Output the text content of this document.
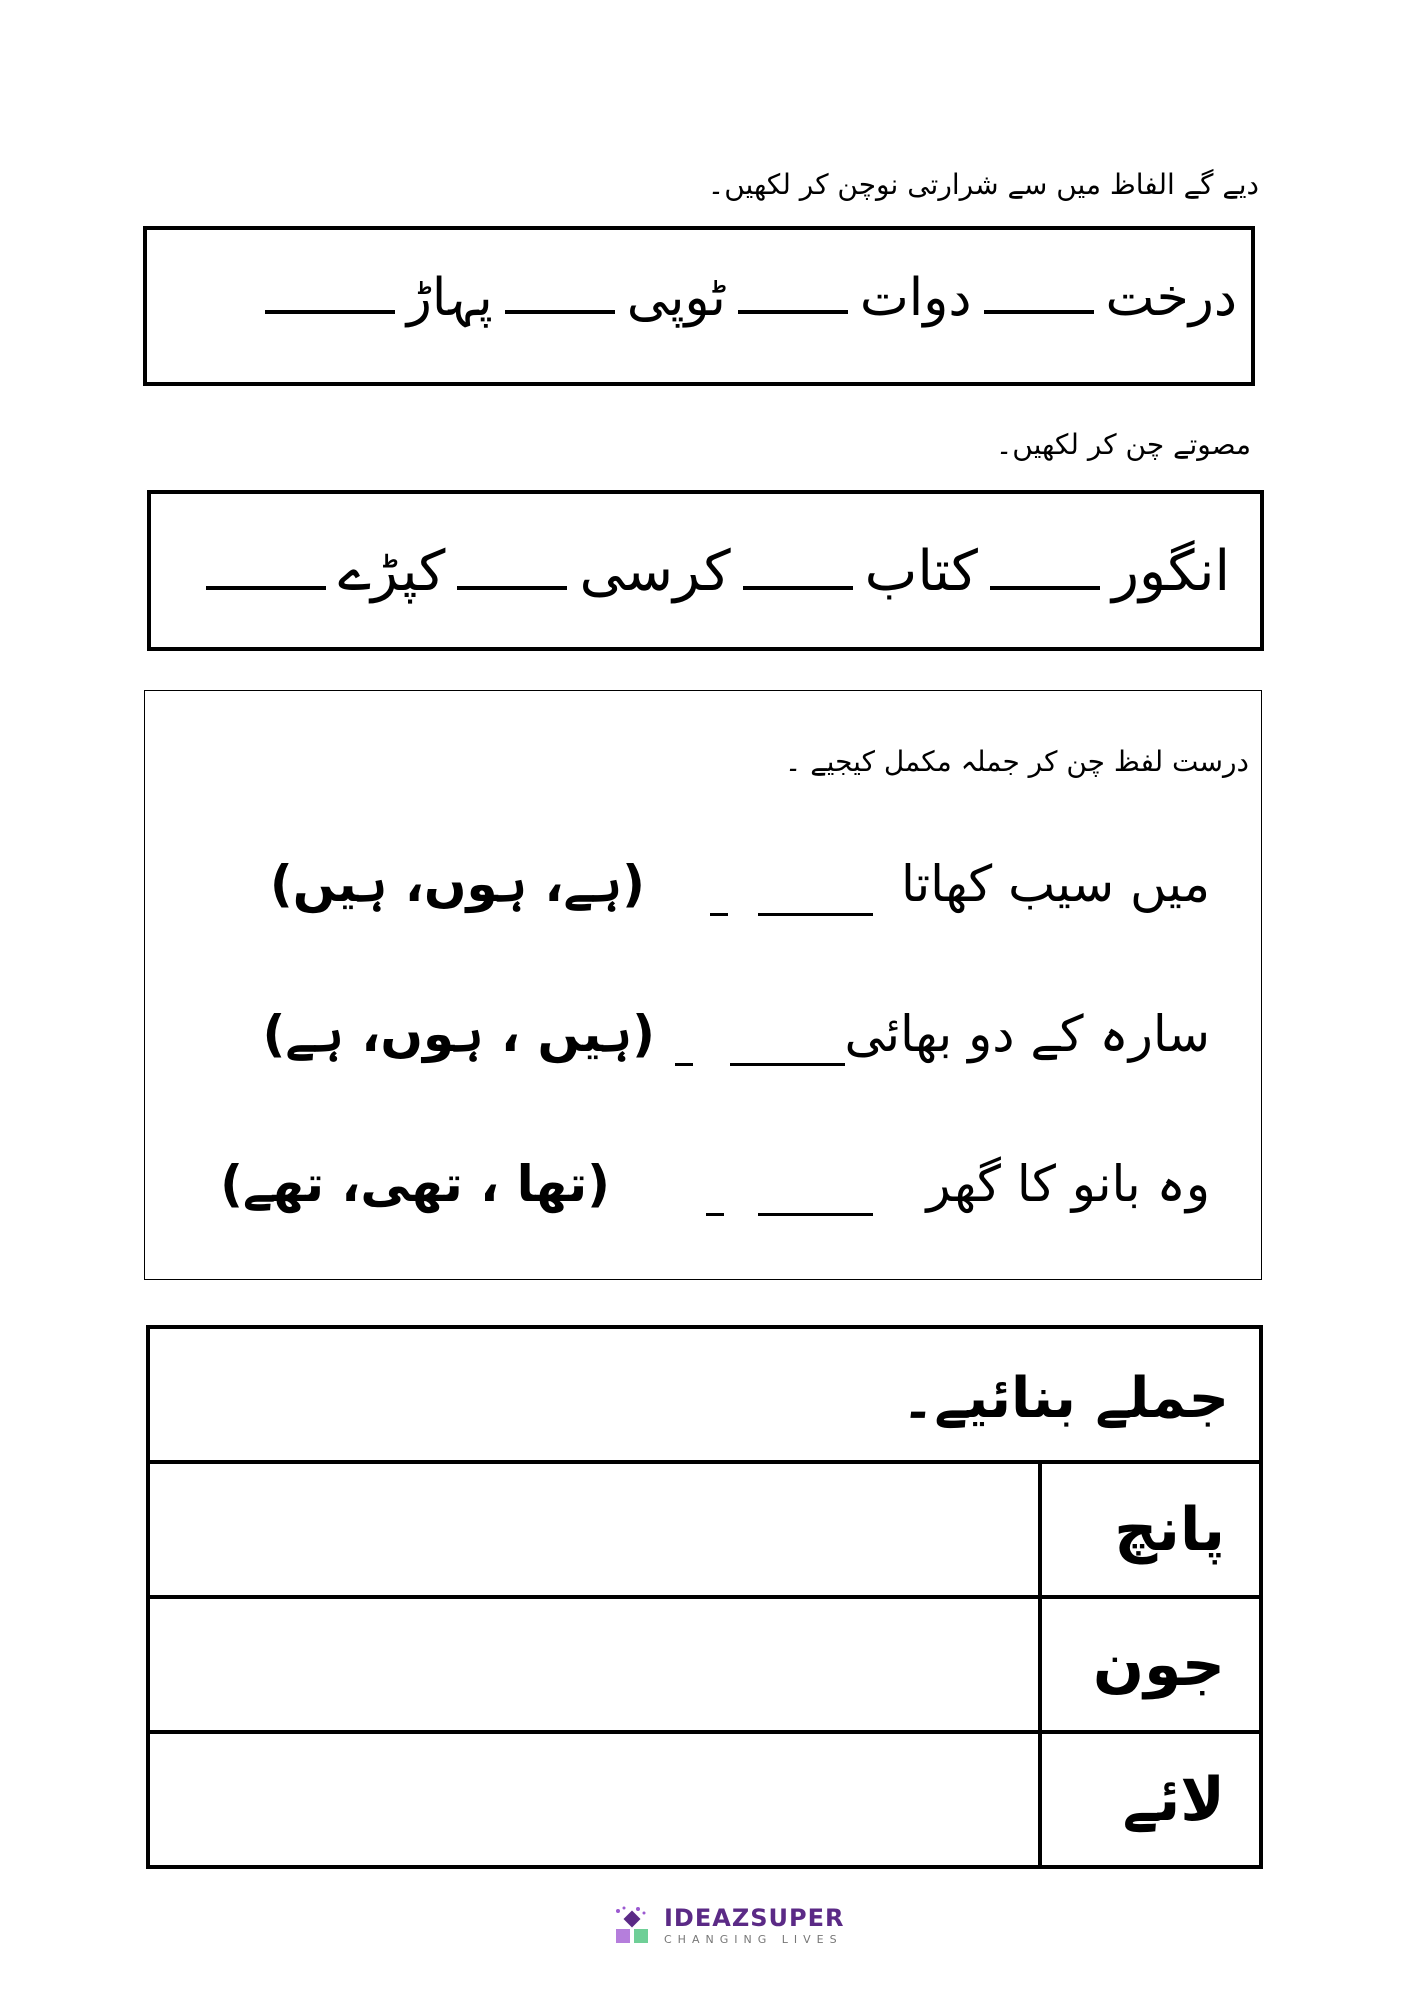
دیے گے الفاظ میں سے شرارتی نوچن کر لکھیں۔
درخت
دوات
ٹوپی
پہاڑ
مصوتے چن کر لکھیں۔
انگور
کتاب
کرسی
کپڑے
درست لفظ چن کر جملہ مکمل کیجیے ۔
میں سیب کھاتا
(ہے، ہوں، ہیں)
سارہ کے دو بھائی
(ہیں ، ہوں، ہے)
وہ بانو کا گھر
(تھا ، تھی، تھے)
جملے بنائیے۔	
	پانچ
	جون
	لائے
IDEAZSUPER
CHANGING LIVES
